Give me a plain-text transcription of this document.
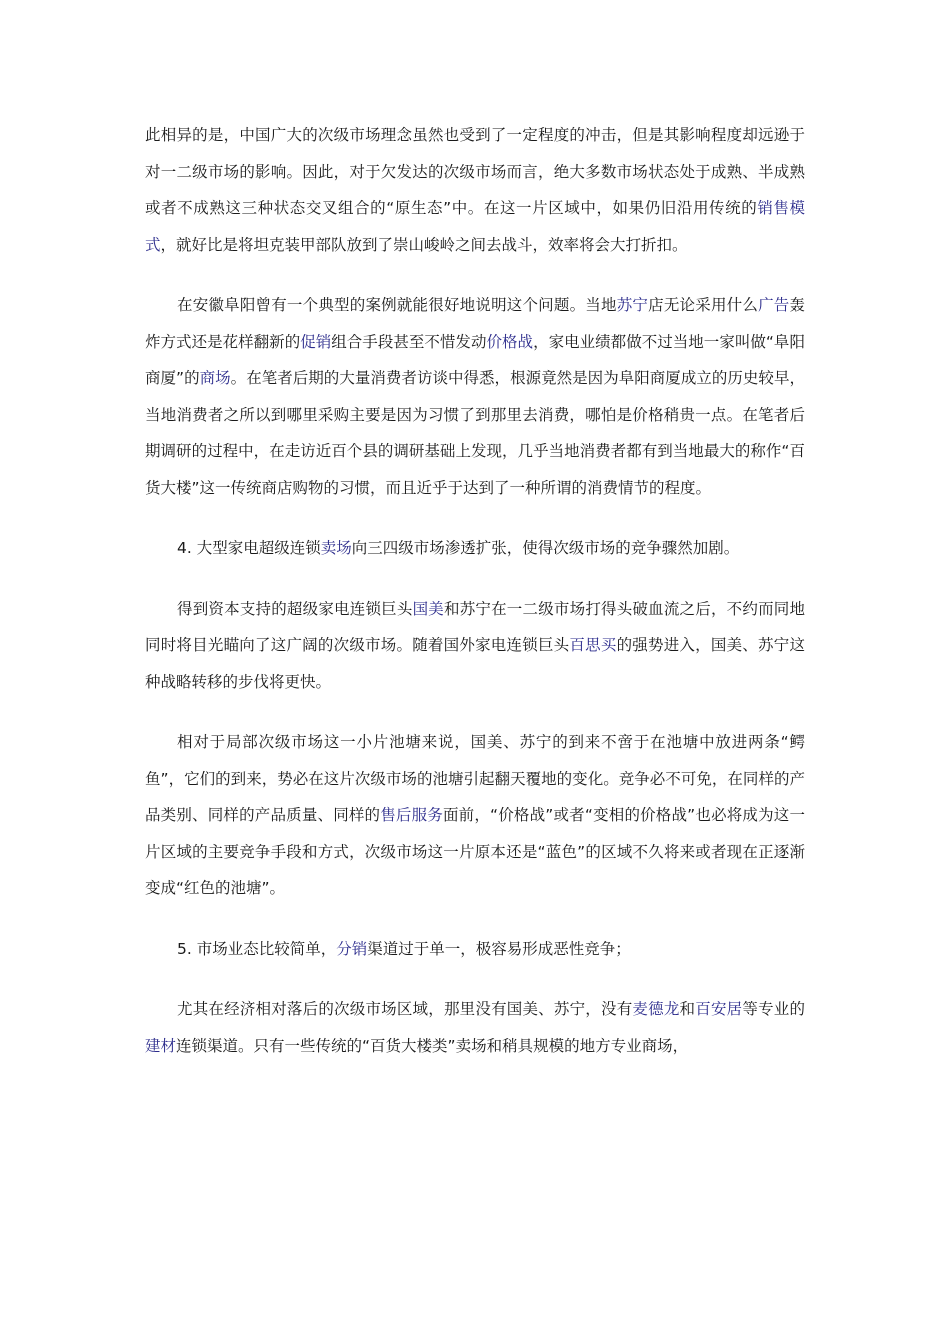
此相异的是，中国广大的次级市场理念虽然也受到了一定程度的冲击，但是其影响程度却远逊于对一二级市场的影响。因此，对于欠发达的次级市场而言，绝大多数市场状态处于成熟、半成熟或者不成熟这三种状态交叉组合的“原生态”中。在这一片区域中，如果仍旧沿用传统的销售模式，就好比是将坦克装甲部队放到了崇山峻岭之间去战斗，效率将会大打折扣。

在安徽阜阳曾有一个典型的案例就能很好地说明这个问题。当地苏宁店无论采用什么广告轰炸方式还是花样翻新的促销组合手段甚至不惜发动价格战，家电业绩都做不过当地一家叫做“阜阳商厦”的商场。在笔者后期的大量消费者访谈中得悉，根源竟然是因为阜阳商厦成立的历史较早，当地消费者之所以到哪里采购主要是因为习惯了到那里去消费，哪怕是价格稍贵一点。在笔者后期调研的过程中，在走访近百个县的调研基础上发现，几乎当地消费者都有到当地最大的称作“百货大楼”这一传统商店购物的习惯，而且近乎于达到了一种所谓的消费情节的程度。

4. 大型家电超级连锁卖场向三四级市场渗透扩张，使得次级市场的竞争骤然加剧。

得到资本支持的超级家电连锁巨头国美和苏宁在一二级市场打得头破血流之后，不约而同地同时将目光瞄向了这广阔的次级市场。随着国外家电连锁巨头百思买的强势进入，国美、苏宁这种战略转移的步伐将更快。

相对于局部次级市场这一小片池塘来说，国美、苏宁的到来不啻于在池塘中放进两条“鳄鱼”，它们的到来，势必在这片次级市场的池塘引起翻天覆地的变化。竞争必不可免，在同样的产品类别、同样的产品质量、同样的售后服务面前，“价格战”或者“变相的价格战”也必将成为这一片区域的主要竞争手段和方式，次级市场这一片原本还是“蓝色”的区域不久将来或者现在正逐渐变成“红色的池塘”。

5. 市场业态比较简单，分销渠道过于单一，极容易形成恶性竞争；

尤其在经济相对落后的次级市场区域，那里没有国美、苏宁，没有麦德龙和百安居等专业的建材连锁渠道。只有一些传统的“百货大楼类”卖场和稍具规模的地方专业商场，
